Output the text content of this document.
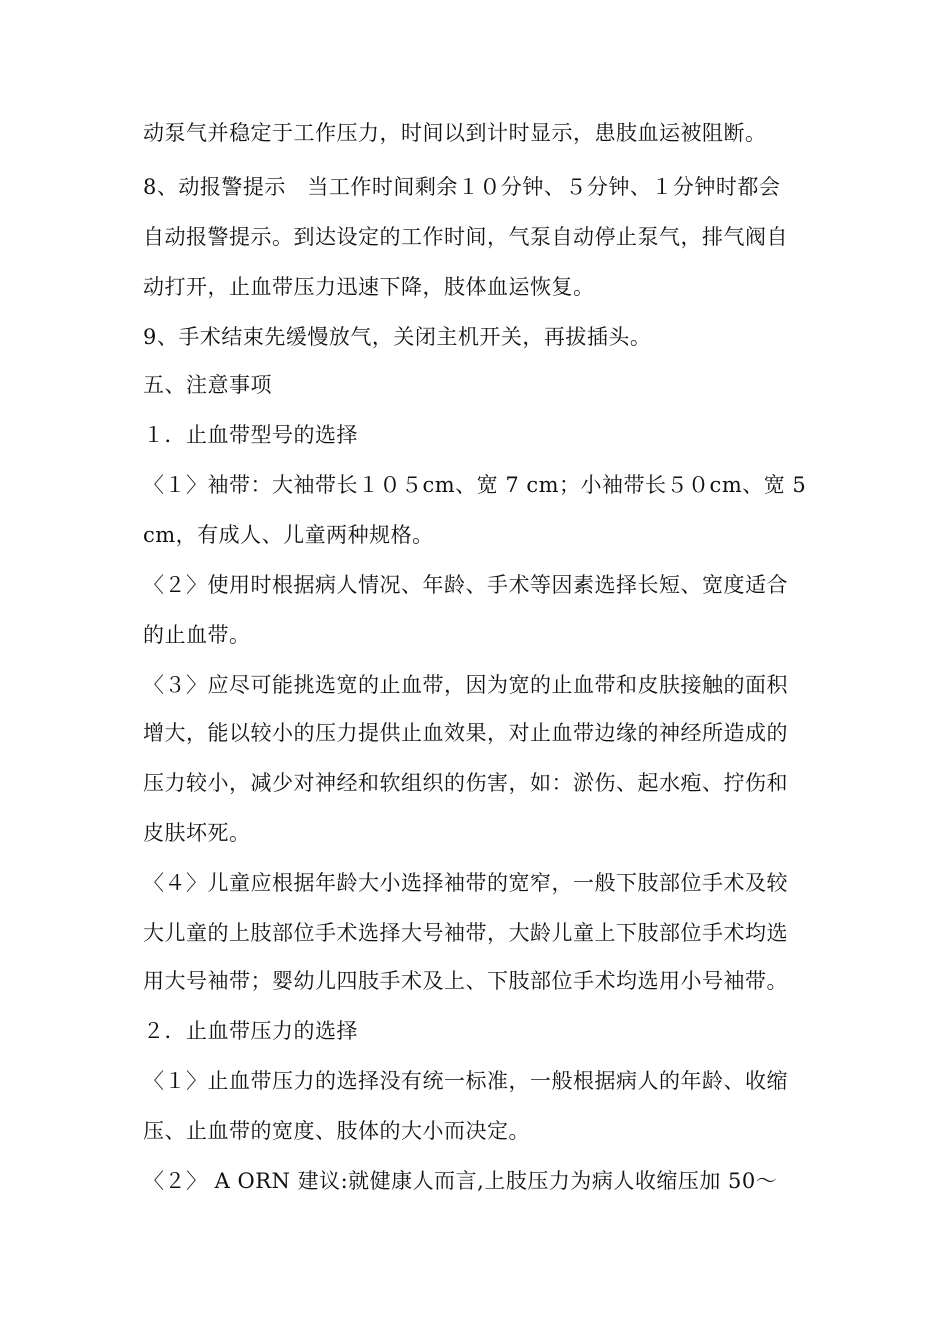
动泵气并稳定于工作压力，时间以到计时显示，患肢血运被阻断。
8、动报警提示　当工作时间剩余１０分钟、５分钟、１分钟时都会
自动报警提示。到达设定的工作时间，气泵自动停止泵气，排气阀自
动打开，止血带压力迅速下降，肢体血运恢复。
9、手术结束先缓慢放气，关闭主机开关，再拔插头。
五、注意事项
１．止血带型号的选择
〈１〉袖带：大袖带长１０５cm、宽 7 cm；小袖带长５０cm、宽 5
cm，有成人、儿童两种规格。
〈２〉使用时根据病人情况、年龄、手术等因素选择长短、宽度适合
的止血带。
〈３〉应尽可能挑选宽的止血带，因为宽的止血带和皮肤接触的面积
增大，能以较小的压力提供止血效果，对止血带边缘的神经所造成的
压力较小，减少对神经和软组织的伤害，如：淤伤、起水疱、拧伤和
皮肤坏死。
〈４〉儿童应根据年龄大小选择袖带的宽窄，一般下肢部位手术及较
大儿童的上肢部位手术选择大号袖带，大龄儿童上下肢部位手术均选
用大号袖带；婴幼儿四肢手术及上、下肢部位手术均选用小号袖带。
２．止血带压力的选择
〈１〉止血带压力的选择没有统一标准，一般根据病人的年龄、收缩
压、止血带的宽度、肢体的大小而决定。
〈２〉 A ORN 建议:就健康人而言,上肢压力为病人收缩压加 50～
